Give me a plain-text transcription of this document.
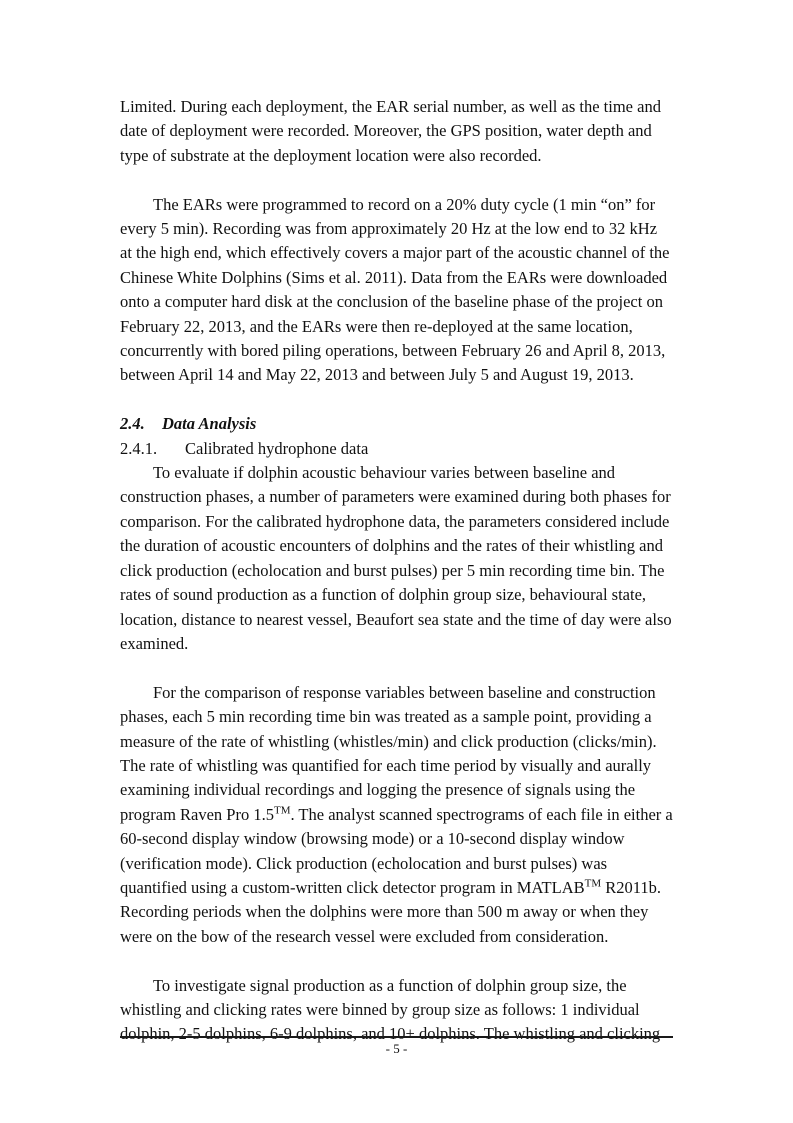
Limited. During each deployment, the EAR serial number, as well as the time and date of deployment were recorded. Moreover, the GPS position, water depth and type of substrate at the deployment location were also recorded.

The EARs were programmed to record on a 20% duty cycle (1 min “on” for every 5 min). Recording was from approximately 20 Hz at the low end to 32 kHz at the high end, which effectively covers a major part of the acoustic channel of the Chinese White Dolphins (Sims et al. 2011). Data from the EARs were downloaded onto a computer hard disk at the conclusion of the baseline phase of the project on February 22, 2013, and the EARs were then re-deployed at the same location, concurrently with bored piling operations, between February 26 and April 8, 2013, between April 14 and May 22, 2013 and between July 5 and August 19, 2013.

2.4. Data Analysis
2.4.1. Calibrated hydrophone data

To evaluate if dolphin acoustic behaviour varies between baseline and construction phases, a number of parameters were examined during both phases for comparison. For the calibrated hydrophone data, the parameters considered include the duration of acoustic encounters of dolphins and the rates of their whistling and click production (echolocation and burst pulses) per 5 min recording time bin. The rates of sound production as a function of dolphin group size, behavioural state, location, distance to nearest vessel, Beaufort sea state and the time of day were also examined.

For the comparison of response variables between baseline and construction phases, each 5 min recording time bin was treated as a sample point, providing a measure of the rate of whistling (whistles/min) and click production (clicks/min). The rate of whistling was quantified for each time period by visually and aurally examining individual recordings and logging the presence of signals using the program Raven Pro 1.5™. The analyst scanned spectrograms of each file in either a 60-second display window (browsing mode) or a 10-second display window (verification mode). Click production (echolocation and burst pulses) was quantified using a custom-written click detector program in MATLAB™ R2011b. Recording periods when the dolphins were more than 500 m away or when they were on the bow of the research vessel were excluded from consideration.

To investigate signal production as a function of dolphin group size, the whistling and clicking rates were binned by group size as follows: 1 individual dolphin, 2-5 dolphins, 6-9 dolphins, and 10+ dolphins. The whistling and clicking

- 5 -
